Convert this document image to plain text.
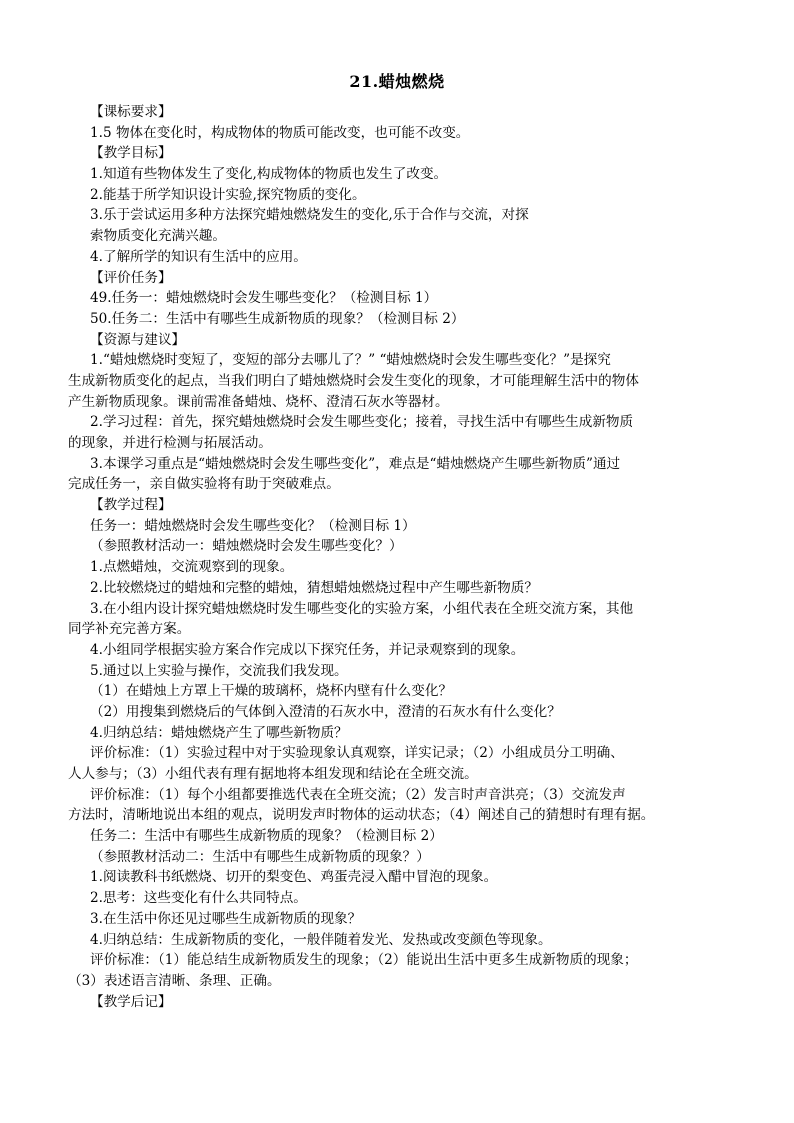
21.蜡烛燃烧
【课标要求】
1.5 物体在变化时，构成物体的物质可能改变，也可能不改变。
【教学目标】
1.知道有些物体发生了变化,构成物体的物质也发生了改变。
2.能基于所学知识设计实验,探究物质的变化。
3.乐于尝试运用多种方法探究蜡烛燃烧发生的变化,乐于合作与交流，对探
索物质变化充满兴趣。
4.了解所学的知识有生活中的应用。
【评价任务】
49.任务一：蜡烛燃烧时会发生哪些变化？（检测目标 1）
50.任务二：生活中有哪些生成新物质的现象？（检测目标 2）
【资源与建议】
1.“蜡烛燃烧时变短了，变短的部分去哪儿了？” “蜡烛燃烧时会发生哪些变化？”是探究
生成新物质变化的起点，当我们明白了蜡烛燃烧时会发生变化的现象，才可能理解生活中的物体
产生新物质现象。课前需准备蜡烛、烧杯、澄清石灰水等器材。
2.学习过程：首先，探究蜡烛燃烧时会发生哪些变化；接着，寻找生活中有哪些生成新物质
的现象，并进行检测与拓展活动。
3.本课学习重点是“蜡烛燃烧时会发生哪些变化”，难点是“蜡烛燃烧产生哪些新物质”通过
完成任务一，亲自做实验将有助于突破难点。
【教学过程】
任务一：蜡烛燃烧时会发生哪些变化？（检测目标 1）
（参照教材活动一：蜡烛燃烧时会发生哪些变化？）
1.点燃蜡烛，交流观察到的现象。
2.比较燃烧过的蜡烛和完整的蜡烛，猜想蜡烛燃烧过程中产生哪些新物质？
3.在小组内设计探究蜡烛燃烧时发生哪些变化的实验方案，小组代表在全班交流方案，其他
同学补充完善方案。
4.小组同学根据实验方案合作完成以下探究任务，并记录观察到的现象。
5.通过以上实验与操作，交流我们我发现。
（1）在蜡烛上方罩上干燥的玻璃杯，烧杯内壁有什么变化？
（2）用搜集到燃烧后的气体倒入澄清的石灰水中，澄清的石灰水有什么变化？
4.归纳总结：蜡烛燃烧产生了哪些新物质？
评价标准：（1）实验过程中对于实验现象认真观察，详实记录；（2）小组成员分工明确、
人人参与；（3）小组代表有理有据地将本组发现和结论在全班交流。
评价标准：（1）每个小组都要推选代表在全班交流；（2）发言时声音洪亮；（3）交流发声
方法时，清晰地说出本组的观点，说明发声时物体的运动状态；（4）阐述自己的猜想时有理有据。
任务二：生活中有哪些生成新物质的现象？（检测目标 2）
（参照教材活动二：生活中有哪些生成新物质的现象？）
1.阅读教科书纸燃烧、切开的梨变色、鸡蛋壳浸入醋中冒泡的现象。
2.思考：这些变化有什么共同特点。
3.在生活中你还见过哪些生成新物质的现象？
4.归纳总结：生成新物质的变化，一般伴随着发光、发热或改变颜色等现象。
评价标准：（1）能总结生成新物质发生的现象；（2）能说出生活中更多生成新物质的现象；
（3）表述语言清晰、条理、正确。
【教学后记】
